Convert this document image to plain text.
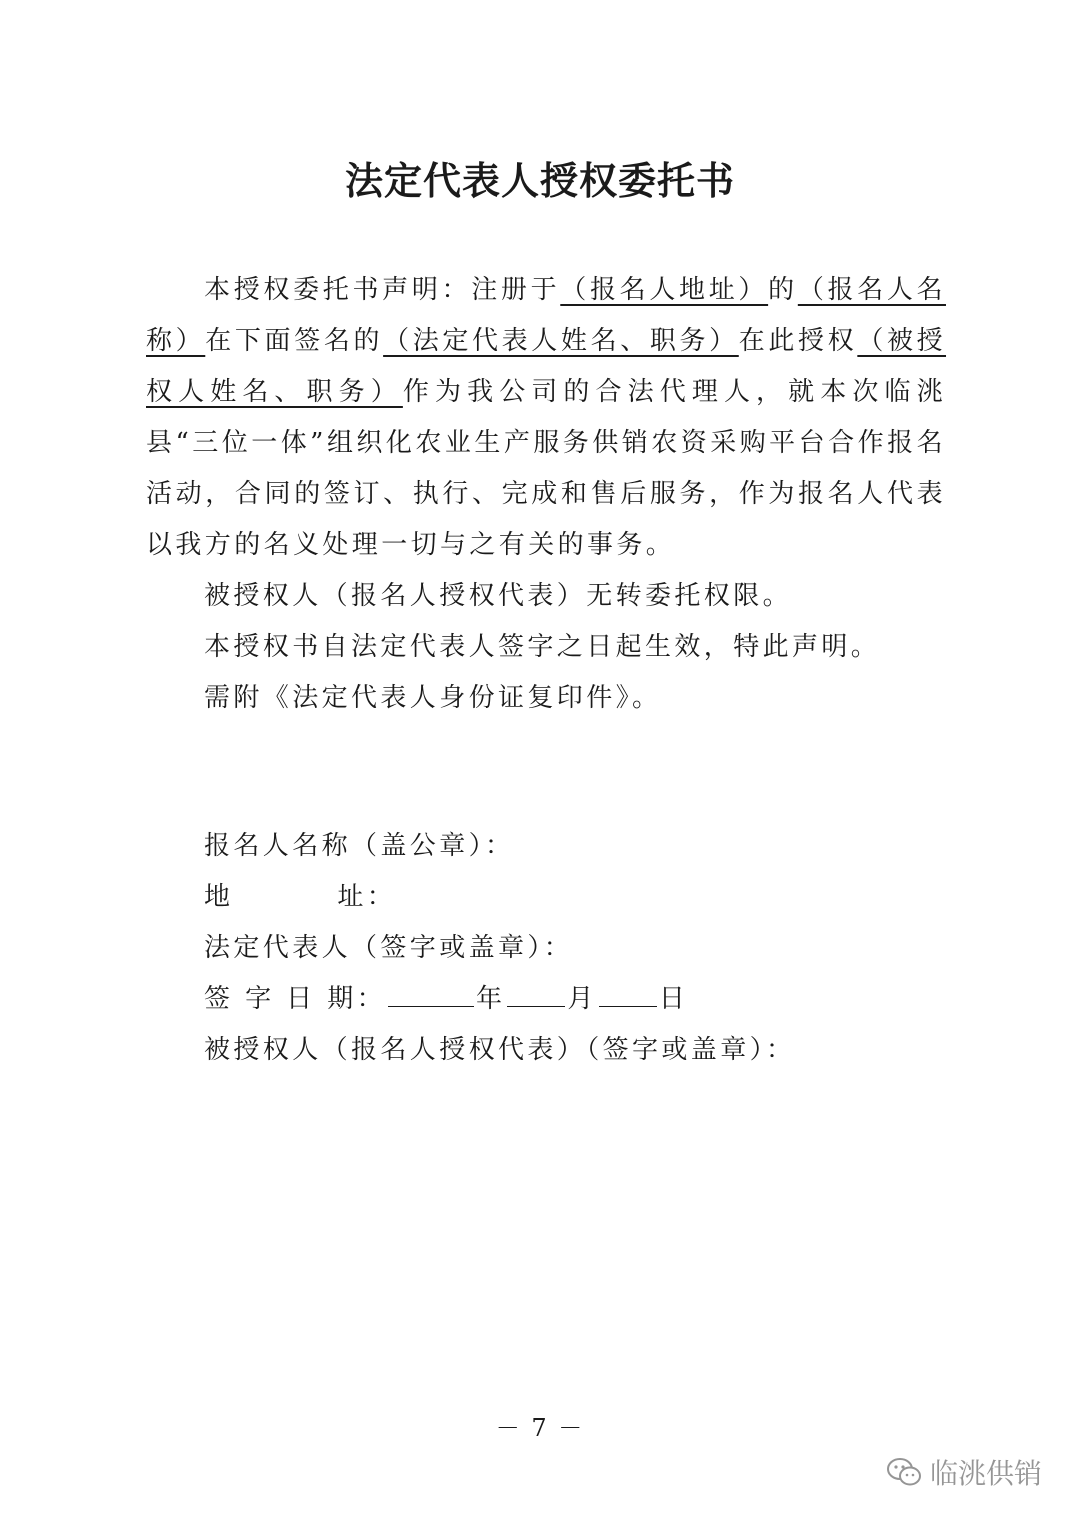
法定代表人授权委托书

本授权委托书声明：注册于（报名人地址）的（报名人名称）在下面签名的（法定代表人姓名、职务）在此授权（被授权人姓名、职务）作为我公司的合法代理人，就本次临洮县“三位一体”组织化农业生产服务供销农资采购平台合作报名活动，合同的签订、执行、完成和售后服务，作为报名人代表以我方的名义处理一切与之有关的事务。

被授权人（报名人授权代表）无转委托权限。

本授权书自法定代表人签字之日起生效，特此声明。

需附《法定代表人身份证复印件》。

报名人名称（盖公章）：
地	址：
法定代表人（签字或盖章）：
签 字 日 期：	年 月 日
被授权人（报名人授权代表）（签字或盖章）：
－ 7 －
临洮供销
